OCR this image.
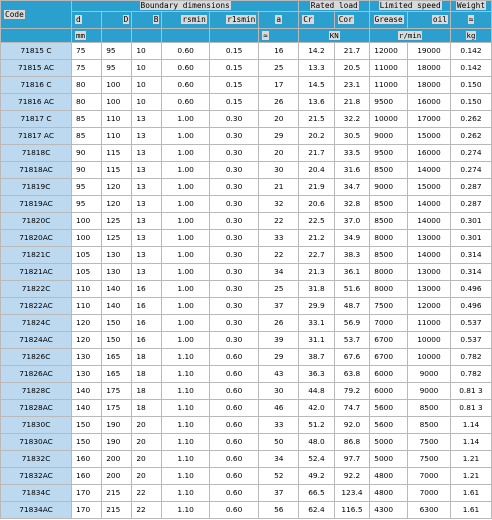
Code	Boundary dimensions						Rated load		Limited speed		Weight
	d	D	B	rsmin	r1smin	a	Cr	Cor	Grease	oil	≈
	mm					≈	KN		r/min		kg
71815 C	75	95	10	0.60	0.15	16	14.2	21.7	12000	19000	0.142
71815 AC	75	95	10	0.60	0.15	25	13.3	20.5	11000	18000	0.142
71816 C	80	100	10	0.60	0.15	17	14.5	23.1	11000	18000	0.150
71816 AC	80	100	10	0.60	0.15	26	13.6	21.8	9500	16000	0.150
71817 C	85	110	13	1.00	0.30	20	21.5	32.2	10000	17000	0.262
71817 AC	85	110	13	1.00	0.30	29	20.2	30.5	9000	15000	0.262
71818C	90	115	13	1.00	0.30	20	21.7	33.5	9500	16000	0.274
71818AC	90	115	13	1.00	0.30	30	20.4	31.6	8500	14000	0.274
71819C	95	120	13	1.00	0.30	21	21.9	34.7	9000	15000	0.287
71819AC	95	120	13	1.00	0.30	32	20.6	32.8	8500	14000	0.287
71820C	100	125	13	1.00	0.30	22	22.5	37.0	8500	14000	0.301
71820AC	100	125	13	1.00	0.30	33	21.2	34.9	8000	13000	0.301
71821C	105	130	13	1.00	0.30	22	22.7	38.3	8500	14000	0.314
71821AC	105	130	13	1.00	0.30	34	21.3	36.1	8000	13000	0.314
71822C	110	140	16	1.00	0.30	25	31.8	51.6	8000	13000	0.496
71822AC	110	140	16	1.00	0.30	37	29.9	48.7	7500	12000	0.496
71824C	120	150	16	1.00	0.30	26	33.1	56.9	7000	11000	0.537
71824AC	120	150	16	1.00	0.30	39	31.1	53.7	6700	10000	0.537
71826C	130	165	18	1.10	0.60	29	38.7	67.6	6700	10000	0.782
71826AC	130	165	18	1.10	0.60	43	36.3	63.8	6000	9000	0.782
71828C	140	175	18	1.10	0.60	30	44.8	79.2	6000	9000	0.81 3
71828AC	140	175	18	1.10	0.60	46	42.0	74.7	5600	8500	0.81 3
71830C	150	190	20	1.10	0.60	33	51.2	92.0	5600	8500	1.14
71830AC	150	190	20	1.10	0.60	50	48.0	86.8	5000	7500	1.14
71832C	160	200	20	1.10	0.60	34	52.4	97.7	5000	7500	1.21
71832AC	160	200	20	1.10	0.60	52	49.2	92.2	4800	7000	1.21
71834C	170	215	22	1.10	0.60	37	66.5	123.4	4800	7000	1.61
71834AC	170	215	22	1.10	0.60	56	62.4	116.5	4300	6300	1.61
